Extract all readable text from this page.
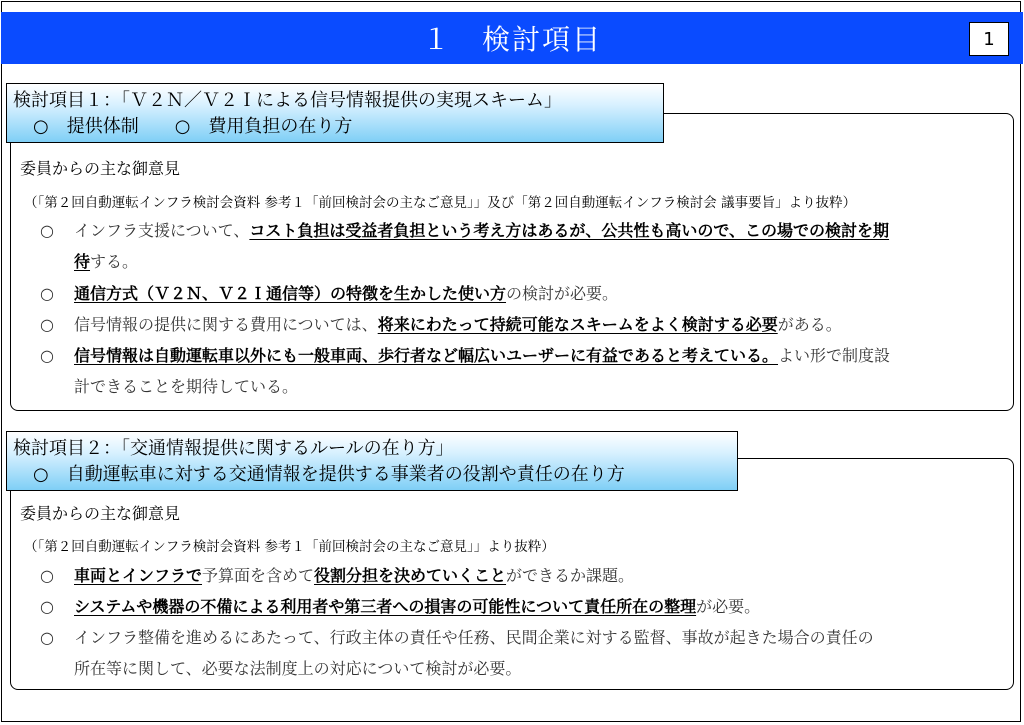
１　検討項目	1
検討項目１：「Ｖ２Ｎ／Ｖ２Ｉによる信号情報提供の実現スキーム」
○　提供体制　　○　費用負担の在り方
委員からの主な御意見
（「第２回自動運転インフラ検討会資料 参考１「前回検討会の主なご意見」」及び「第２回自動運転インフラ検討会 議事要旨」より抜粋）
○ インフラ支援について、コスト負担は受益者負担という考え方はあるが、公共性も高いので、この場での検討を期
待する。
○ 通信方式（Ｖ２Ｎ、Ｖ２Ｉ通信等）の特徴を生かした使い方の検討が必要。
○ 信号情報の提供に関する費用については、将来にわたって持続可能なスキームをよく検討する必要がある。
○ 信号情報は自動運転車以外にも一般車両、歩行者など幅広いユーザーに有益であると考えている。よい形で制度設
計できることを期待している。
検討項目２：「交通情報提供に関するルールの在り方」
○　自動運転車に対する交通情報を提供する事業者の役割や責任の在り方
委員からの主な御意見
（「第２回自動運転インフラ検討会資料 参考１「前回検討会の主なご意見」」より抜粋）
○ 車両とインフラで予算面を含めて役割分担を決めていくことができるか課題。
○ システムや機器の不備による利用者や第三者への損害の可能性について責任所在の整理が必要。
○ インフラ整備を進めるにあたって、行政主体の責任や任務、民間企業に対する監督、事故が起きた場合の責任の
所在等に関して、必要な法制度上の対応について検討が必要。
